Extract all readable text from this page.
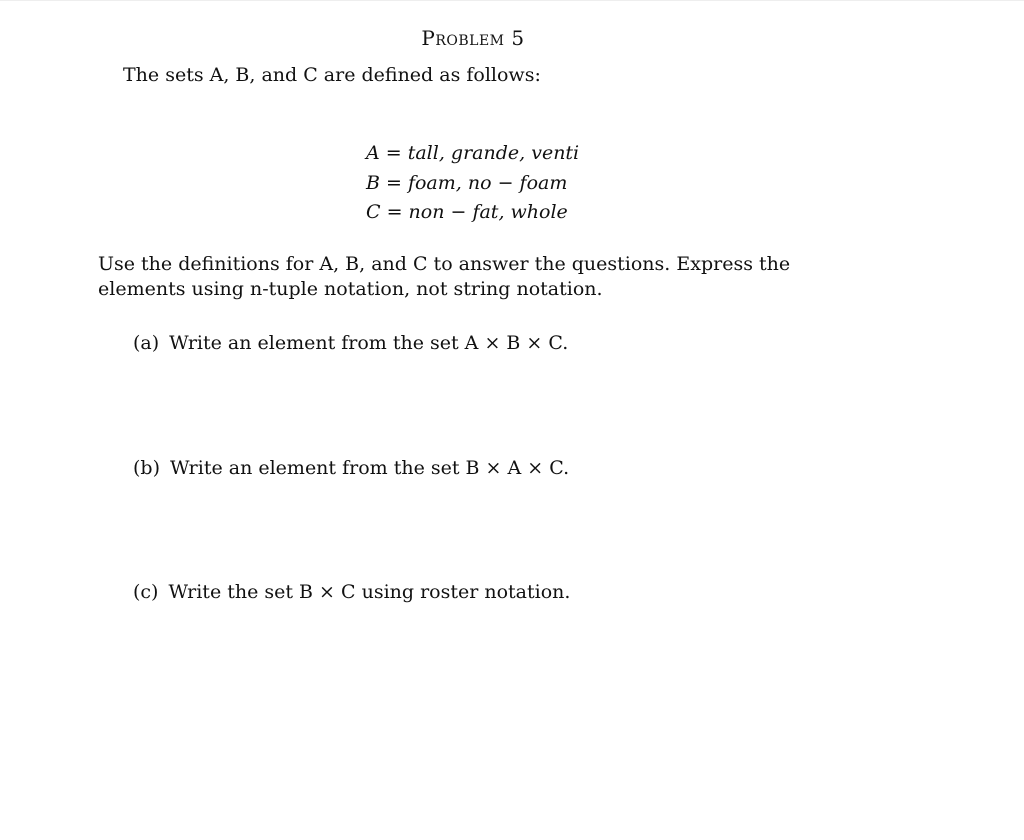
Problem 5
The sets A, B, and C are defined as follows:
A = tall, grande, venti
B = foam, no − foam
C = non − fat, whole
Use the definitions for A, B, and C to answer the questions. Express the elements using n-tuple notation, not string notation.
(a) Write an element from the set A × B × C.
(b) Write an element from the set B × A × C.
(c) Write the set B × C using roster notation.
